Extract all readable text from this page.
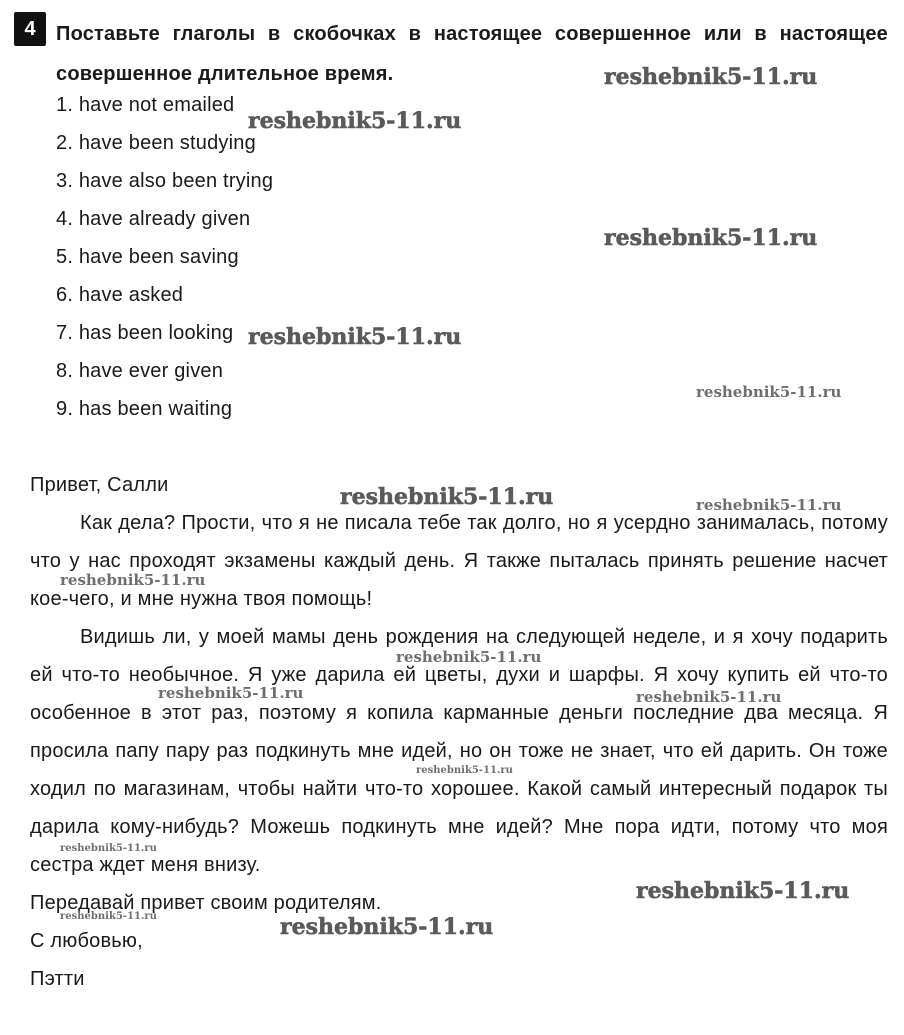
4	Поставьте глаголы в скобочках в настоящее совершенное или в настоящее совершенное длительное время.
1. have not emailed
2. have been studying
3. have also been trying
4. have already given
5. have been saving
6. have asked
7. has been looking
8. have ever given
9. has been waiting

Привет, Салли

Как дела? Прости, что я не писала тебе так долго, но я усердно занималась, потому что у нас проходят экзамены каждый день. Я также пыталась принять решение насчет кое-чего, и мне нужна твоя помощь!

Видишь ли, у моей мамы день рождения на следующей неделе, и я хочу подарить ей что-то необычное. Я уже дарила ей цветы, духи и шарфы. Я хочу купить ей что-то особенное в этот раз, поэтому я копила карманные деньги последние два месяца. Я просила папу пару раз подкинуть мне идей, но он тоже не знает, что ей дарить. Он тоже ходил по магазинам, чтобы найти что-то хорошее. Какой самый интересный подарок ты дарила кому-нибудь? Можешь подкинуть мне идей? Мне пора идти, потому что моя сестра ждет меня внизу.

Передавай привет своим родителям.

С любовью,

Пэтти

reshebnik5-11.ru
reshebnik5-11.ru
reshebnik5-11.ru
reshebnik5-11.ru
reshebnik5-11.ru
reshebnik5-11.ru	reshebnik5-11.ru
reshebnik5-11.ru
reshebnik5-11.ru
reshebnik5-11.ru	reshebnik5-11.ru
reshebnik5-11.ru
reshebnik5-11.ru
reshebnik5-11.ru
reshebnik5-11.ru	reshebnik5-11.ru
